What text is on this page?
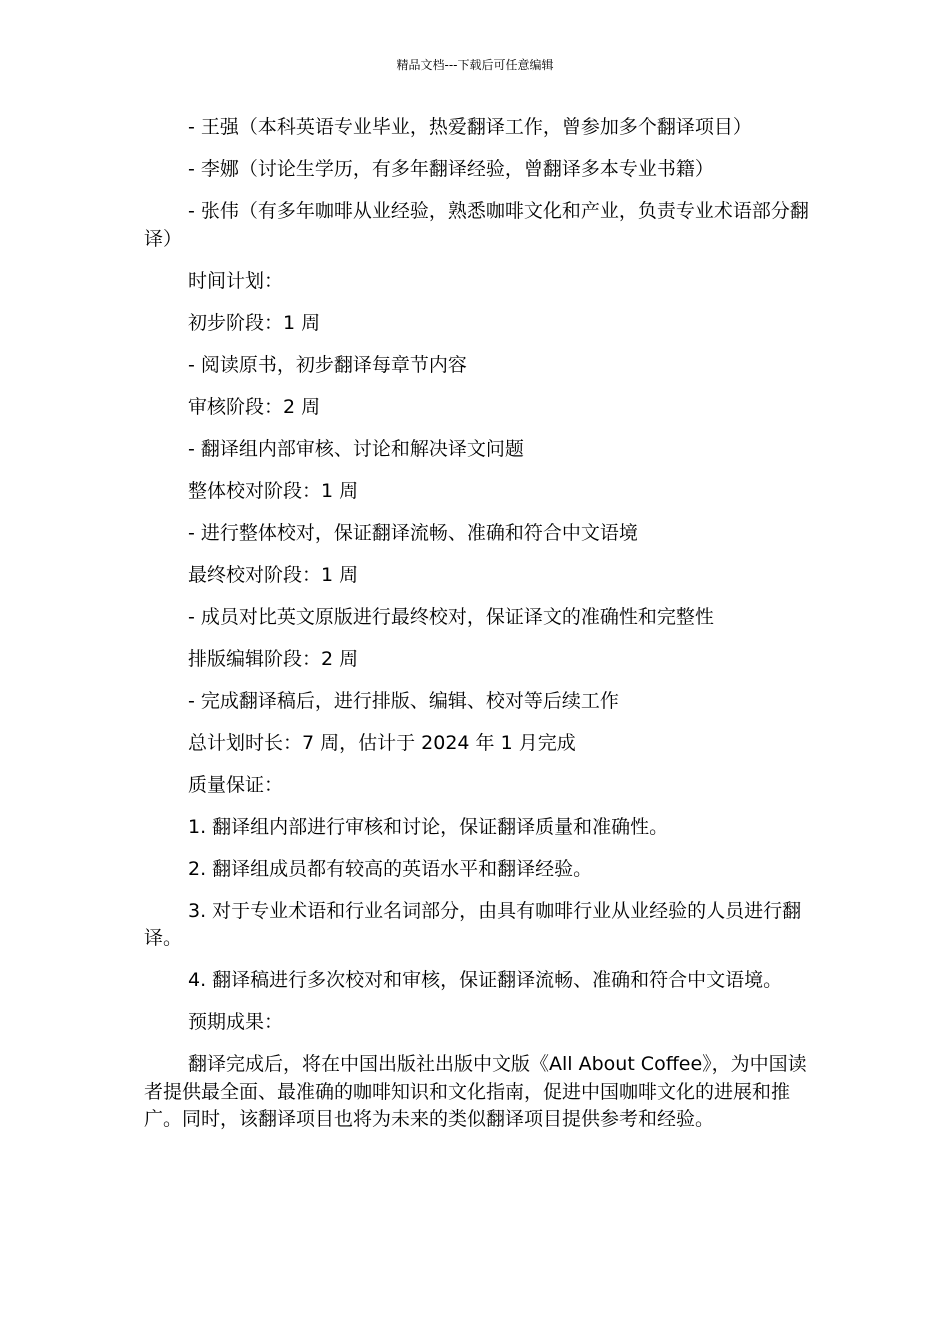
精品文档---下载后可任意编辑

- 王强（本科英语专业毕业，热爱翻译工作，曾参加多个翻译项目）

- 李娜（讨论生学历，有多年翻译经验，曾翻译多本专业书籍）

- 张伟（有多年咖啡从业经验，熟悉咖啡文化和产业，负责专业术语部分翻译）

时间计划：

初步阶段：1 周

- 阅读原书，初步翻译每章节内容

审核阶段：2 周

- 翻译组内部审核、讨论和解决译文问题

整体校对阶段：1 周

- 进行整体校对，保证翻译流畅、准确和符合中文语境

最终校对阶段：1 周

- 成员对比英文原版进行最终校对，保证译文的准确性和完整性

排版编辑阶段：2 周

- 完成翻译稿后，进行排版、编辑、校对等后续工作

总计划时长：7 周，估计于 2024 年 1 月完成

质量保证：

1. 翻译组内部进行审核和讨论，保证翻译质量和准确性。

2. 翻译组成员都有较高的英语水平和翻译经验。

3. 对于专业术语和行业名词部分，由具有咖啡行业从业经验的人员进行翻译。

4. 翻译稿进行多次校对和审核，保证翻译流畅、准确和符合中文语境。

预期成果：

翻译完成后，将在中国出版社出版中文版《All About Coffee》，为中国读者提供最全面、最准确的咖啡知识和文化指南，促进中国咖啡文化的进展和推广。同时，该翻译项目也将为未来的类似翻译项目提供参考和经验。
